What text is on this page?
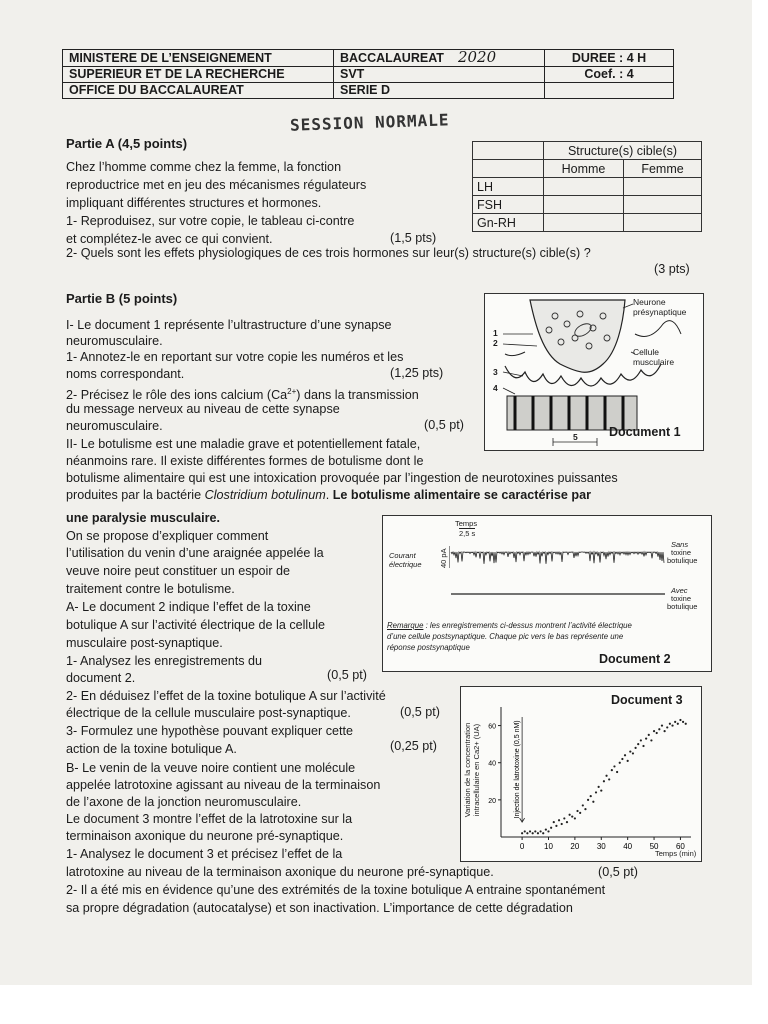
MINISTERE DE L’ENSEIGNEMENT	BACCALAUREAT 2020	DUREE : 4 H
SUPERIEUR ET DE LA RECHERCHE	SVT	Coef. : 4
OFFICE DU BACCALAUREAT	SERIE D	
SESSION NORMALE

Partie A (4,5 points)

Chez l’homme comme chez la femme, la fonction

reproductrice met en jeu des mécanismes régulateurs

impliquant différentes structures et hormones.

1- Reproduisez, sur votre copie, le tableau ci-contre

et complétez-le avec ce qui convient.	(1,5 pts)

2- Quels sont les effets physiologiques de ces trois hormones sur leur(s) structure(s) cible(s) ?

(3 pts)
	Structure(s) cible(s)	
	Homme	Femme
LH		
FSH		
Gn-RH		

Partie B (5 points)

I- Le document 1 représente l’ultrastructure d’une synapse

neuromusculaire.

1- Annotez-le en reportant sur votre copie les numéros et les

noms correspondant.	(1,25 pts)

2- Précisez le rôle des ions calcium $(Ca^{2+})$ dans la transmission

du message nerveux au niveau de cette synapse

neuromusculaire.	(0,5 pt)

II- Le botulisme est une maladie grave et potentiellement fatale,

néanmoins rare. Il existe différentes formes de botulisme dont le

botulisme alimentaire qui est une intoxication provoquée par l’ingestion de neurotoxines puissantes

produites par la bactérie Clostridium botulinum. Le botulisme alimentaire se caractérise par

une paralysie musculaire.

On se propose d’expliquer comment

l’utilisation du venin d’une araignée appelée la

veuve noire peut constituer un espoir de

traitement contre le botulisme.

A- Le document 2 indique l’effet de la toxine

botulique A sur l’activité électrique de la cellule

musculaire post-synaptique.

1- Analysez les enregistrements du

document 2.	(0,5 pt)

2- En déduisez l’effet de la toxine botulique A sur l’activité

électrique de la cellule musculaire post-synaptique.	(0,5 pt)

3- Formulez une hypothèse pouvant expliquer cette

action de la toxine botulique A.	(0,25 pt)

B- Le venin de la veuve noire contient une molécule

appelée latrotoxine agissant au niveau de la terminaison

de l’axone de la jonction neuromusculaire.

Le document 3 montre l’effet de la latrotoxine sur la

terminaison axonique du neurone pré-synaptique.

1- Analysez le document 3 et précisez l’effet de la

latrotoxine au niveau de la terminaison axonique du neurone pré-synaptique.	(0,5 pt)

2- Il a été mis en évidence qu’une des extrémités de la toxine botulique A entraine spontanément

sa propre dégradation (autocatalyse) et son inactivation. L’importance de cette dégradation

1
2
3
4
5
Neurone
présynaptique
Cellule
musculaire
Document 1
Temps
2,5 s
Courant
électrique 40 pA
Sans
toxine
botulique
Avec
toxine
botulique
Remarque : les enregistrements ci-dessus montrent l’activité électrique
d’une cellule postsynaptique. Chaque pic vers le bas représente une
réponse postsynaptique
Document 2
Document 3
Variation de la concentration intracellulaire en Ca2+ (UA)
0 10 20 30 40 50 60
20
40
60	Injection de latrotoxine (0,5 nM)
Temps (min)
